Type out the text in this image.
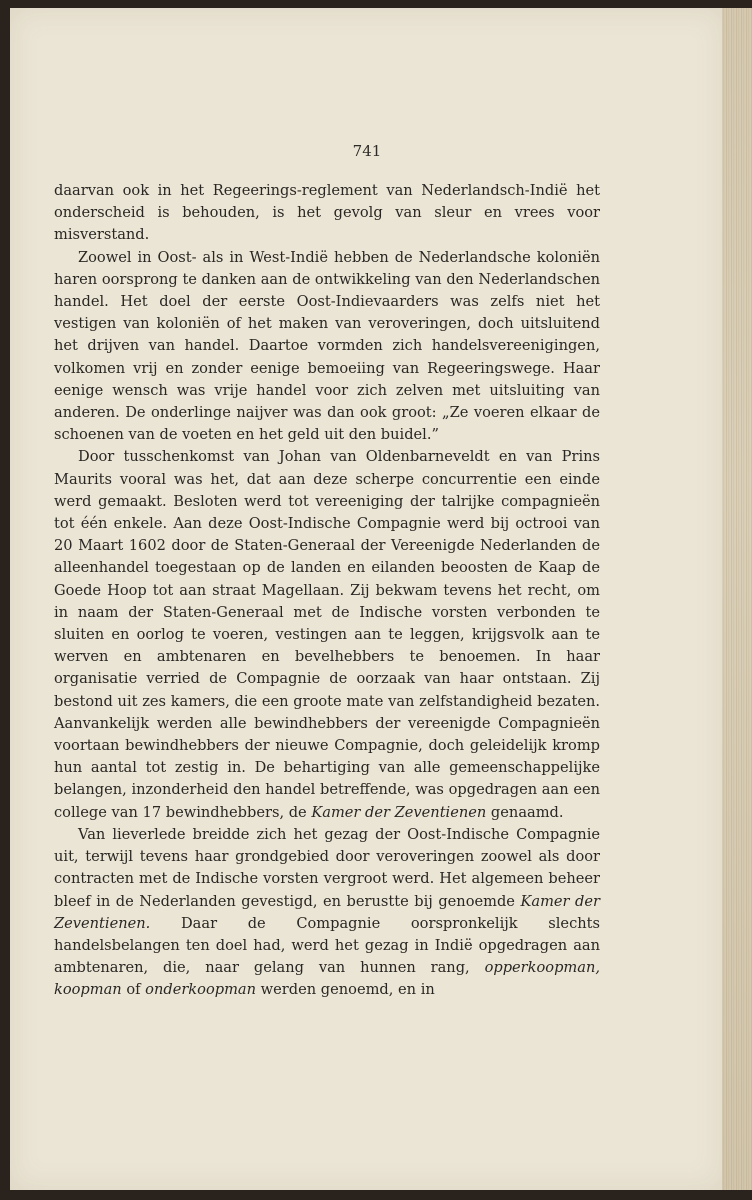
741

daarvan ook in het Regeerings-reglement van Nederlandsch-Indië het onderscheid is behouden, is het gevolg van sleur en vrees voor misverstand.

Zoowel in Oost- als in West-Indië hebben de Nederlandsche koloniën haren oorsprong te danken aan de ontwikkeling van den Nederlandschen handel. Het doel der eerste Oost-Indievaarders was zelfs niet het vestigen van koloniën of het maken van veroveringen, doch uitsluitend het drijven van handel. Daartoe vormden zich handelsvereenigingen, volkomen vrij en zonder eenige bemoeiing van Regeeringswege. Haar eenige wensch was vrije handel voor zich zelven met uitsluiting van anderen. De onderlinge naijver was dan ook groot: „Ze voeren elkaar de schoenen van de voeten en het geld uit den buidel.”

Door tusschenkomst van Johan van Oldenbarneveldt en van Prins Maurits vooral was het, dat aan deze scherpe concurrentie een einde werd gemaakt. Besloten werd tot vereeniging der talrijke compagnieën tot één enkele. Aan deze Oost-Indische Compagnie werd bij octrooi van 20 Maart 1602 door de Staten-Generaal der Vereenigde Nederlanden de alleenhandel toegestaan op de landen en eilanden beoosten de Kaap de Goede Hoop tot aan straat Magellaan. Zij bekwam tevens het recht, om in naam der Staten-Generaal met de Indische vorsten verbonden te sluiten en oorlog te voeren, vestingen aan te leggen, krijgsvolk aan te werven en ambtenaren en bevelhebbers te benoemen. In haar organisatie verried de Compagnie de oorzaak van haar ontstaan. Zij bestond uit zes kamers, die een groote mate van zelfstandigheid bezaten. Aanvankelijk werden alle bewindhebbers der vereenigde Compagnieën voortaan bewindhebbers der nieuwe Compagnie, doch geleidelijk kromp hun aantal tot zestig in. De behartiging van alle gemeenschappelijke belangen, inzonderheid den handel betreffende, was opgedragen aan een college van 17 bewindhebbers, de Kamer der Zeventienen genaamd.

Van lieverlede breidde zich het gezag der Oost-Indische Compagnie uit, terwijl tevens haar grondgebied door veroveringen zoowel als door contracten met de Indische vorsten vergroot werd. Het algemeen beheer bleef in de Nederlanden gevestigd, en berustte bij genoemde Kamer der Zeventienen. Daar de Compagnie oorspronkelijk slechts handelsbelangen ten doel had, werd het gezag in Indië opgedragen aan ambtenaren, die, naar gelang van hunnen rang, opperkoopman, koopman of onderkoopman werden genoemd, en in
